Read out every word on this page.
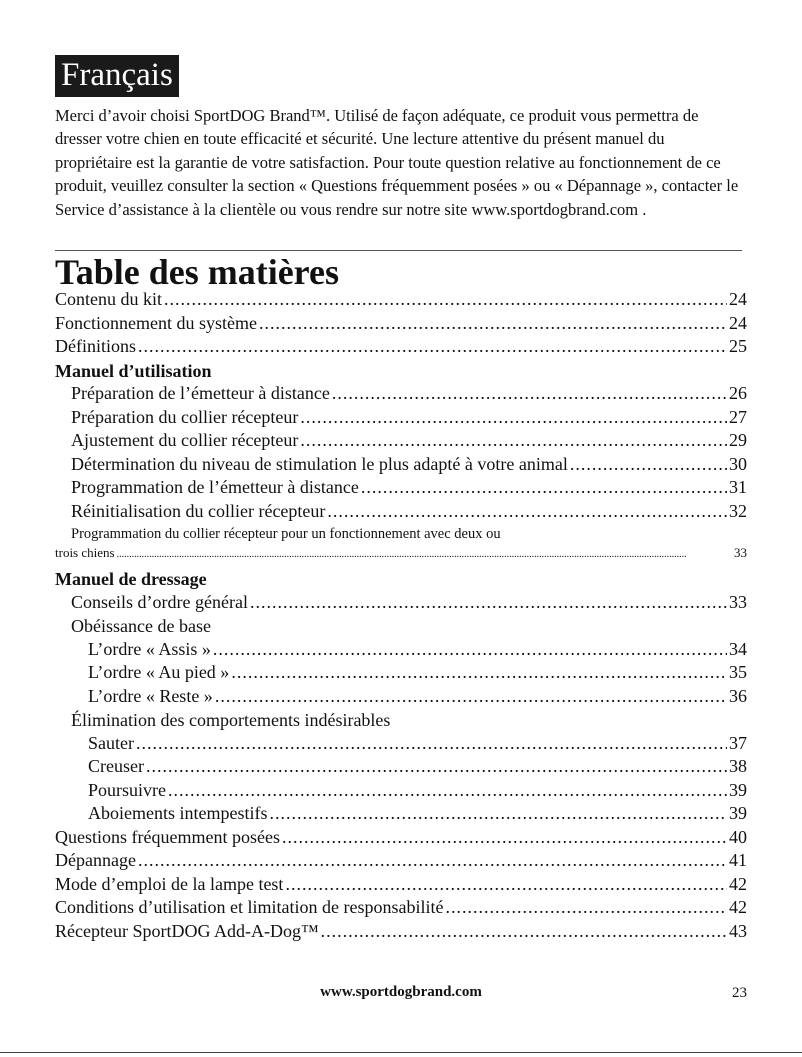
Français

Merci d’avoir choisi SportDOG Brand™. Utilisé de façon adéquate, ce produit vous permettra de dresser votre chien en toute efficacité et sécurité. Une lecture attentive du présent manuel du propriétaire est la garantie de votre satisfaction. Pour toute question relative au fonctionnement de ce produit, veuillez consulter la section « Questions fréquemment posées » ou « Dépannage », contacter le Service d’assistance à la clientèle ou vous rendre sur notre site www.sportdogbrand.com .

Table des matières
Contenu du kit .....	24
Fonctionnement du système .....	24
Définitions .....	25
Manuel d’utilisation
Préparation de l’émetteur à distance .....	26
Préparation du collier récepteur .....	27
Ajustement du collier récepteur .....	29
Détermination du niveau de stimulation le plus adapté à votre animal .....	30
Programmation de l’émetteur à distance .....	31
Réinitialisation du collier récepteur .....	32
Programmation du collier récepteur pour un fonctionnement avec deux ou
trois chiens .....	33
Manuel de dressage
Conseils d’ordre général .....	33
Obéissance de base
L’ordre « Assis » .....	34
L’ordre « Au pied » .....	35
L’ordre « Reste » .....	36
Élimination des comportements indésirables
Sauter .....	37
Creuser .....	38
Poursuivre .....	39
Aboiements intempestifs .....	39
Questions fréquemment posées .....	40
Dépannage .....	41
Mode d’emploi de la lampe test .....	42
Conditions d’utilisation et limitation de responsabilité .....	42
Récepteur SportDOG Add-A-Dog™ .....	43
www.sportdogbrand.com	23
